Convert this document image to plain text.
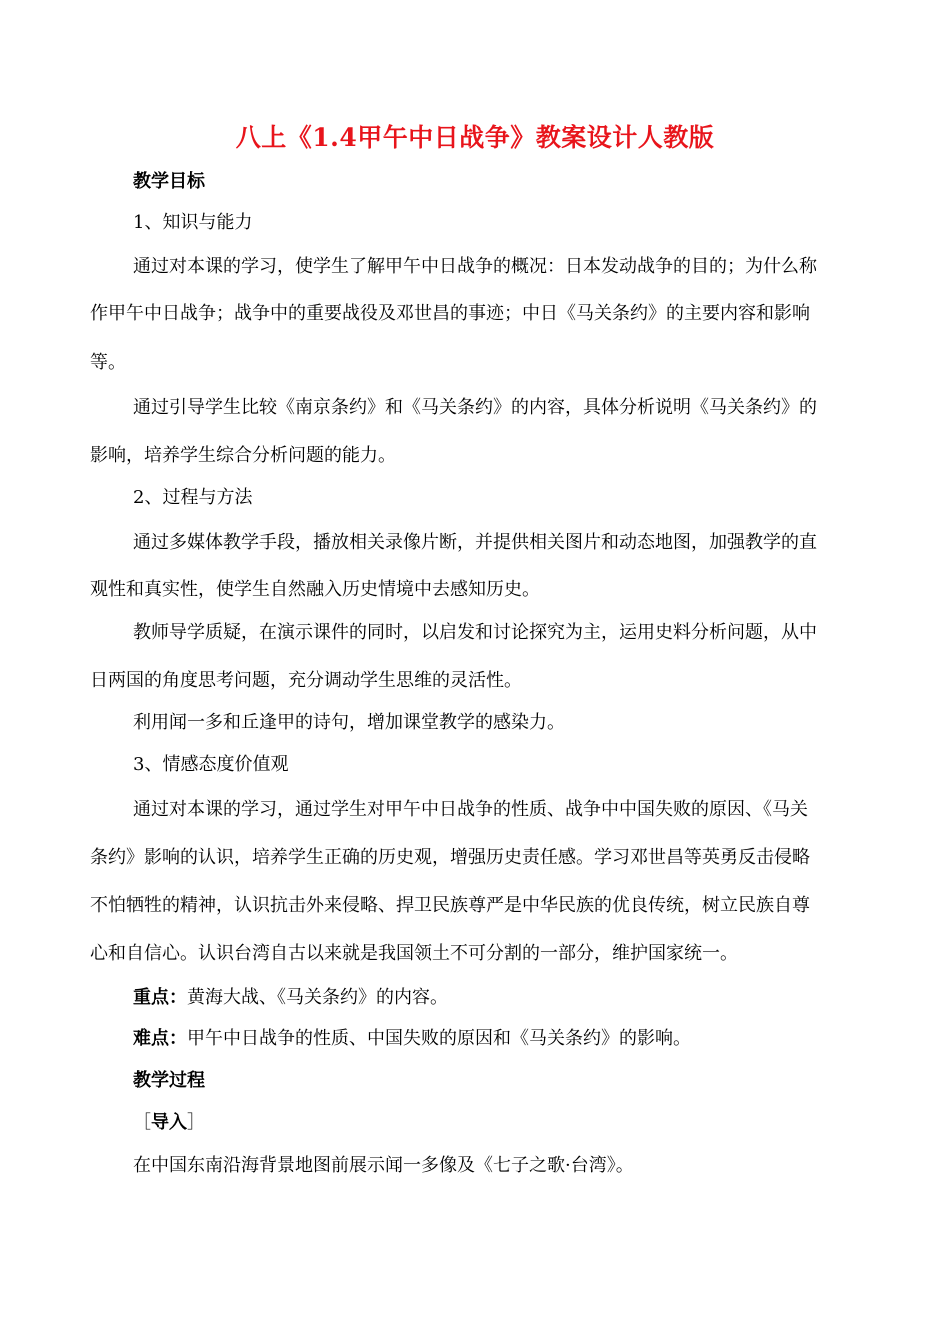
八上《1.4甲午中日战争》教案设计人教版
教学目标
1、知识与能力
通过对本课的学习，使学生了解甲午中日战争的概况：日本发动战争的目的；为什么称
作甲午中日战争；战争中的重要战役及邓世昌的事迹；中日《马关条约》的主要内容和影响
等。
通过引导学生比较《南京条约》和《马关条约》的内容，具体分析说明《马关条约》的
影响，培养学生综合分析问题的能力。
2、过程与方法
通过多媒体教学手段，播放相关录像片断，并提供相关图片和动态地图，加强教学的直
观性和真实性，使学生自然融入历史情境中去感知历史。
教师导学质疑，在演示课件的同时，以启发和讨论探究为主，运用史料分析问题，从中
日两国的角度思考问题，充分调动学生思维的灵活性。
利用闻一多和丘逢甲的诗句，增加课堂教学的感染力。
3、情感态度价值观
通过对本课的学习，通过学生对甲午中日战争的性质、战争中中国失败的原因、《马关
条约》影响的认识，培养学生正确的历史观，增强历史责任感。学习邓世昌等英勇反击侵略
不怕牺牲的精神，认识抗击外来侵略、捍卫民族尊严是中华民族的优良传统，树立民族自尊
心和自信心。认识台湾自古以来就是我国领土不可分割的一部分，维护国家统一。
重点：黄海大战、《马关条约》的内容。
难点：甲午中日战争的性质、中国失败的原因和《马关条约》的影响。
教学过程
［导入］
在中国东南沿海背景地图前展示闻一多像及《七子之歌·台湾》。
